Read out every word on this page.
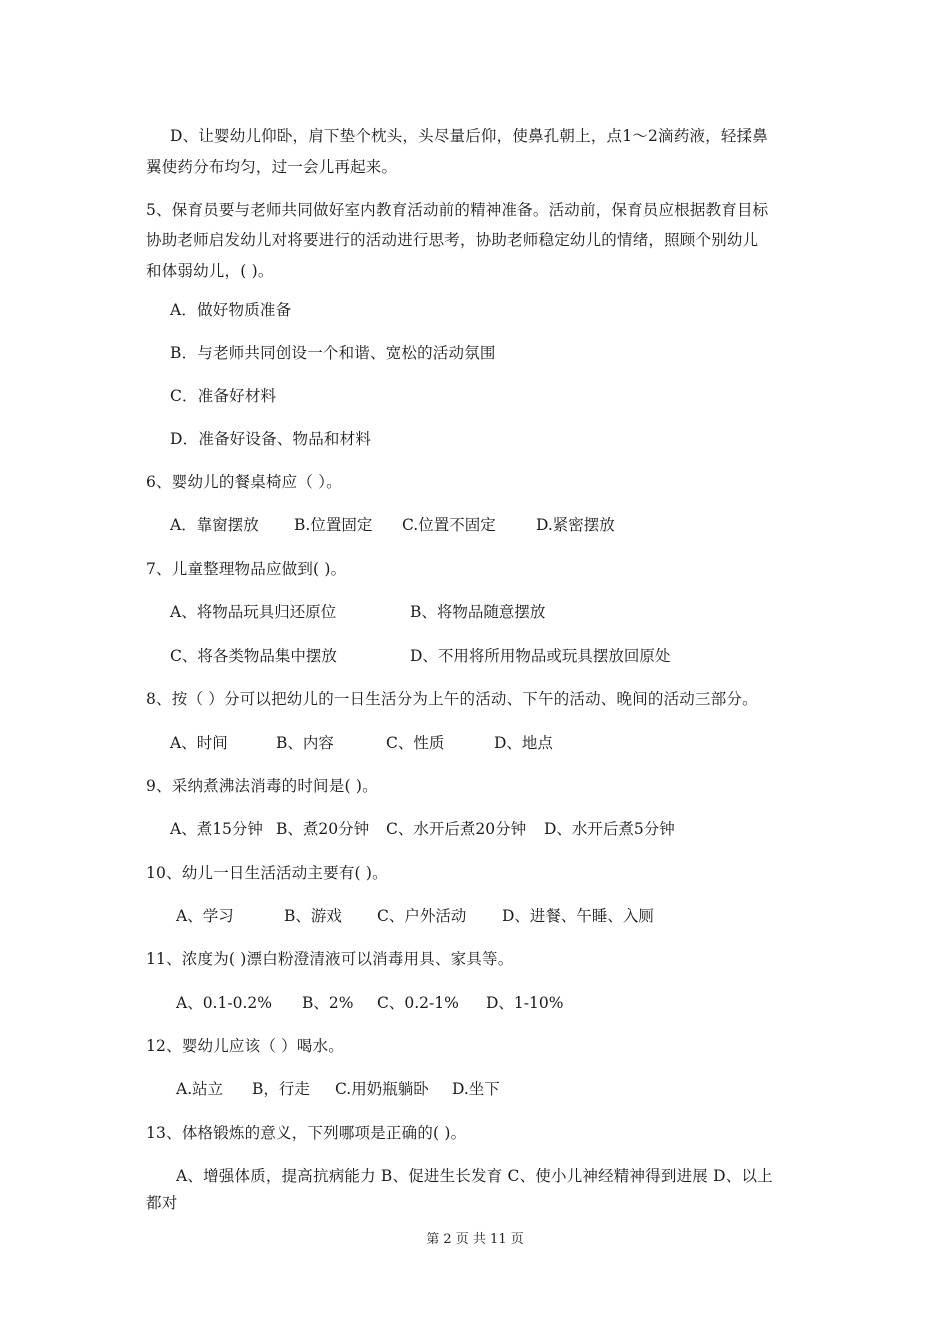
D、让婴幼儿仰卧，肩下垫个枕头，头尽量后仰，使鼻孔朝上，点1～2滴药液，轻揉鼻
翼使药分布均匀，过一会儿再起来。
5、保育员要与老师共同做好室内教育活动前的精神准备。活动前，保育员应根据教育目标
协助老师启发幼儿对将要进行的活动进行思考，协助老师稳定幼儿的情绪，照顾个别幼儿
和体弱幼儿，( )。
A．做好物质准备
B．与老师共同创设一个和谐、宽松的活动氛围
C．准备好材料
D．准备好设备、物品和材料
6、婴幼儿的餐桌椅应（ ）。
A．靠窗摆放 B.位置固定 C.位置不固定	D.紧密摆放
7、儿童整理物品应做到( )。
A、将物品玩具归还原位	B、将物品随意摆放
C、将各类物品集中摆放	D、不用将所用物品或玩具摆放回原处
8、按（ ）分可以把幼儿的一日生活分为上午的活动、下午的活动、晚间的活动三部分。
A、时间	B、内容	C、性质	D、地点
9、采纳煮沸法消毒的时间是( )。
A、煮15分钟 B、煮20分钟 C、水开后煮20分钟 D、水开后煮5分钟
10、幼儿一日生活活动主要有( )。
A、学习	B、游戏 C、户外活动 D、进餐、午睡、入厕
11、浓度为( )漂白粉澄清液可以消毒用具、家具等。
A、0.1-0.2% B、2% C、0.2-1% D、1-10%
12、婴幼儿应该（ ）喝水。
A.站立 B，行走 C.用奶瓶躺卧 D.坐下
13、体格锻炼的意义，下列哪项是正确的( )。
A、增强体质，提高抗病能力 B、促进生长发育 C、使小儿神经精神得到进展 D、以上
都对
第 2 页 共 11 页
